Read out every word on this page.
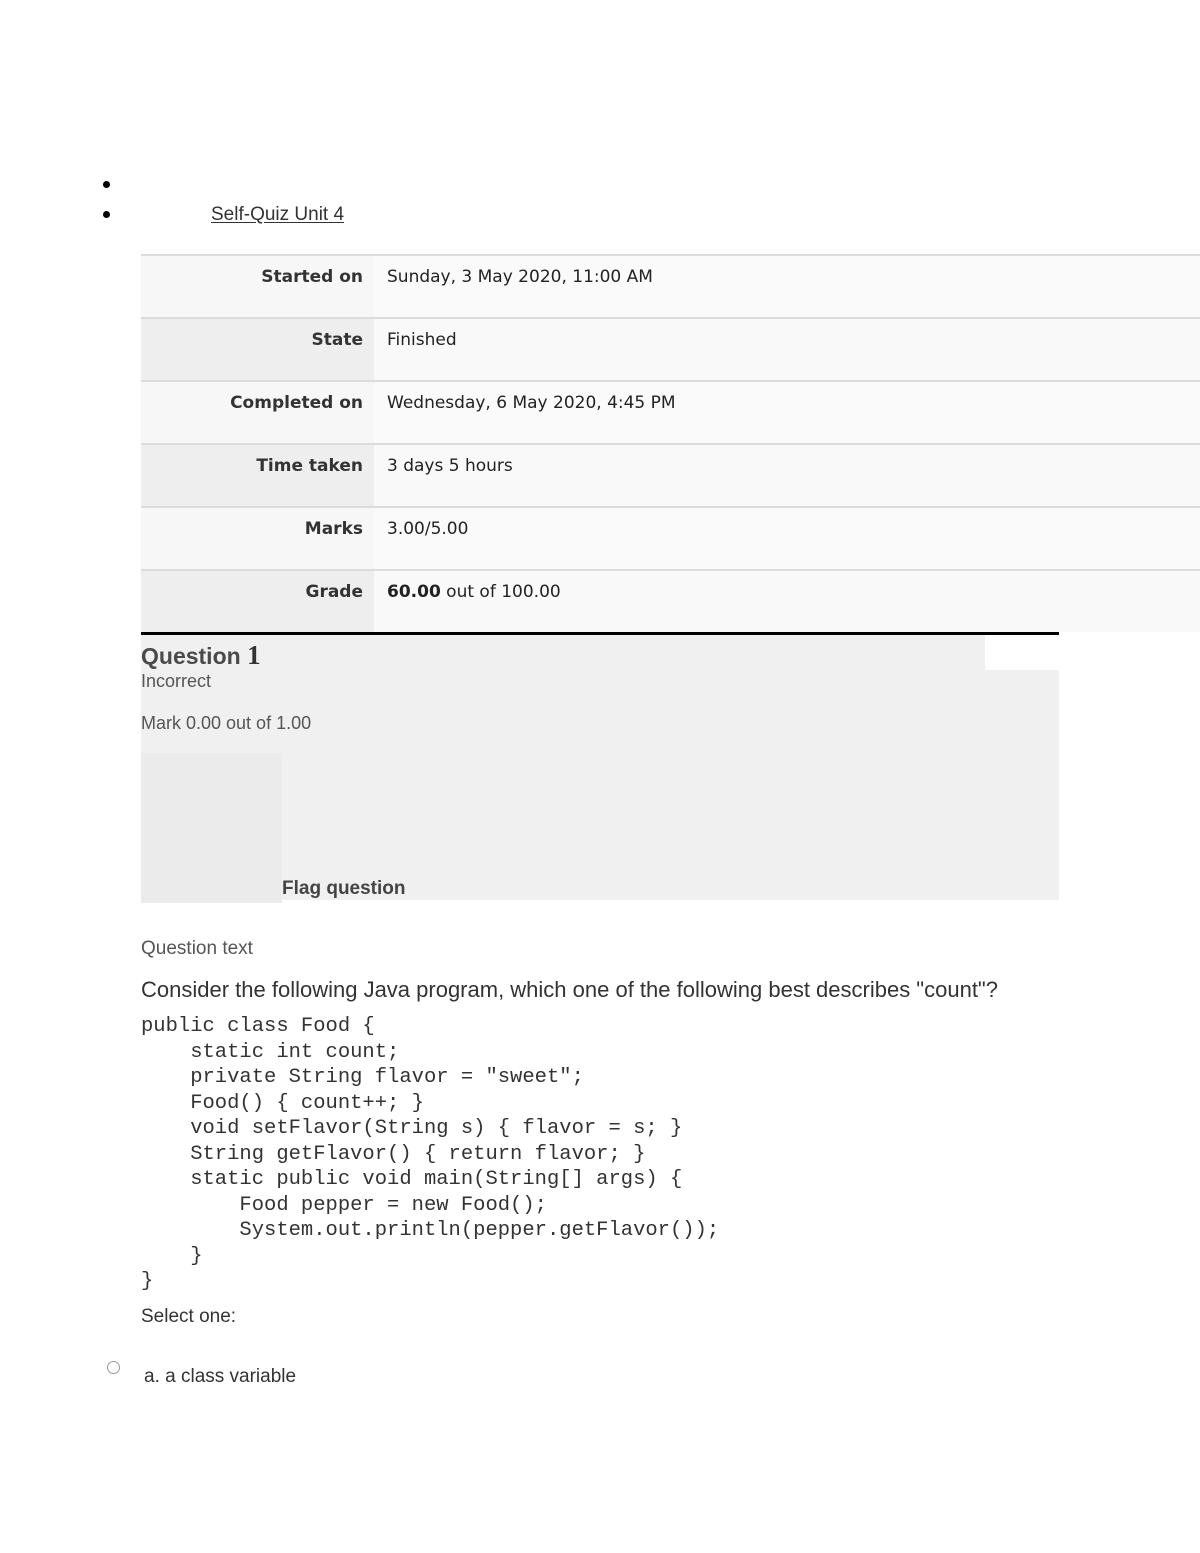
Self-Quiz Unit 4
Started on	Sunday, 3 May 2020, 11:00 AM
State	Finished
Completed on	Wednesday, 6 May 2020, 4:45 PM
Time taken	3 days 5 hours
Marks	3.00/5.00
Grade	60.00 out of 100.00
Question 1
Incorrect
Mark 0.00 out of 1.00
Flag question
Question text
Consider the following Java program, which one of the following best describes "count"?
public class Food {
static int count;
private String flavor = "sweet";
Food() { count++; }
void setFlavor(String s) { flavor = s; }
String getFlavor() { return flavor; }
static public void main(String[] args) {
Food pepper = new Food();
System.out.println(pepper.getFlavor());
}
}
Select one:
a. a class variable
